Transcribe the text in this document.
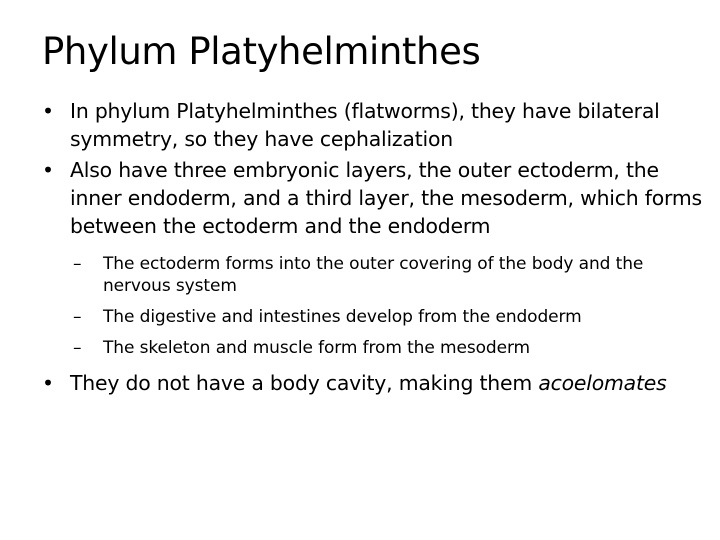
Phylum Platyhelminthes
• In phylum Platyhelminthes (flatworms), they have bilateral symmetry, so they have cephalization
• Also have three embryonic layers, the outer ectoderm, the inner endoderm, and a third layer, the mesoderm, which forms between the ectoderm and the endoderm
– The ectoderm forms into the outer covering of the body and the nervous system
– The digestive and intestines develop from the endoderm
– The skeleton and muscle form from the mesoderm
• They do not have a body cavity, making them acoelomates
